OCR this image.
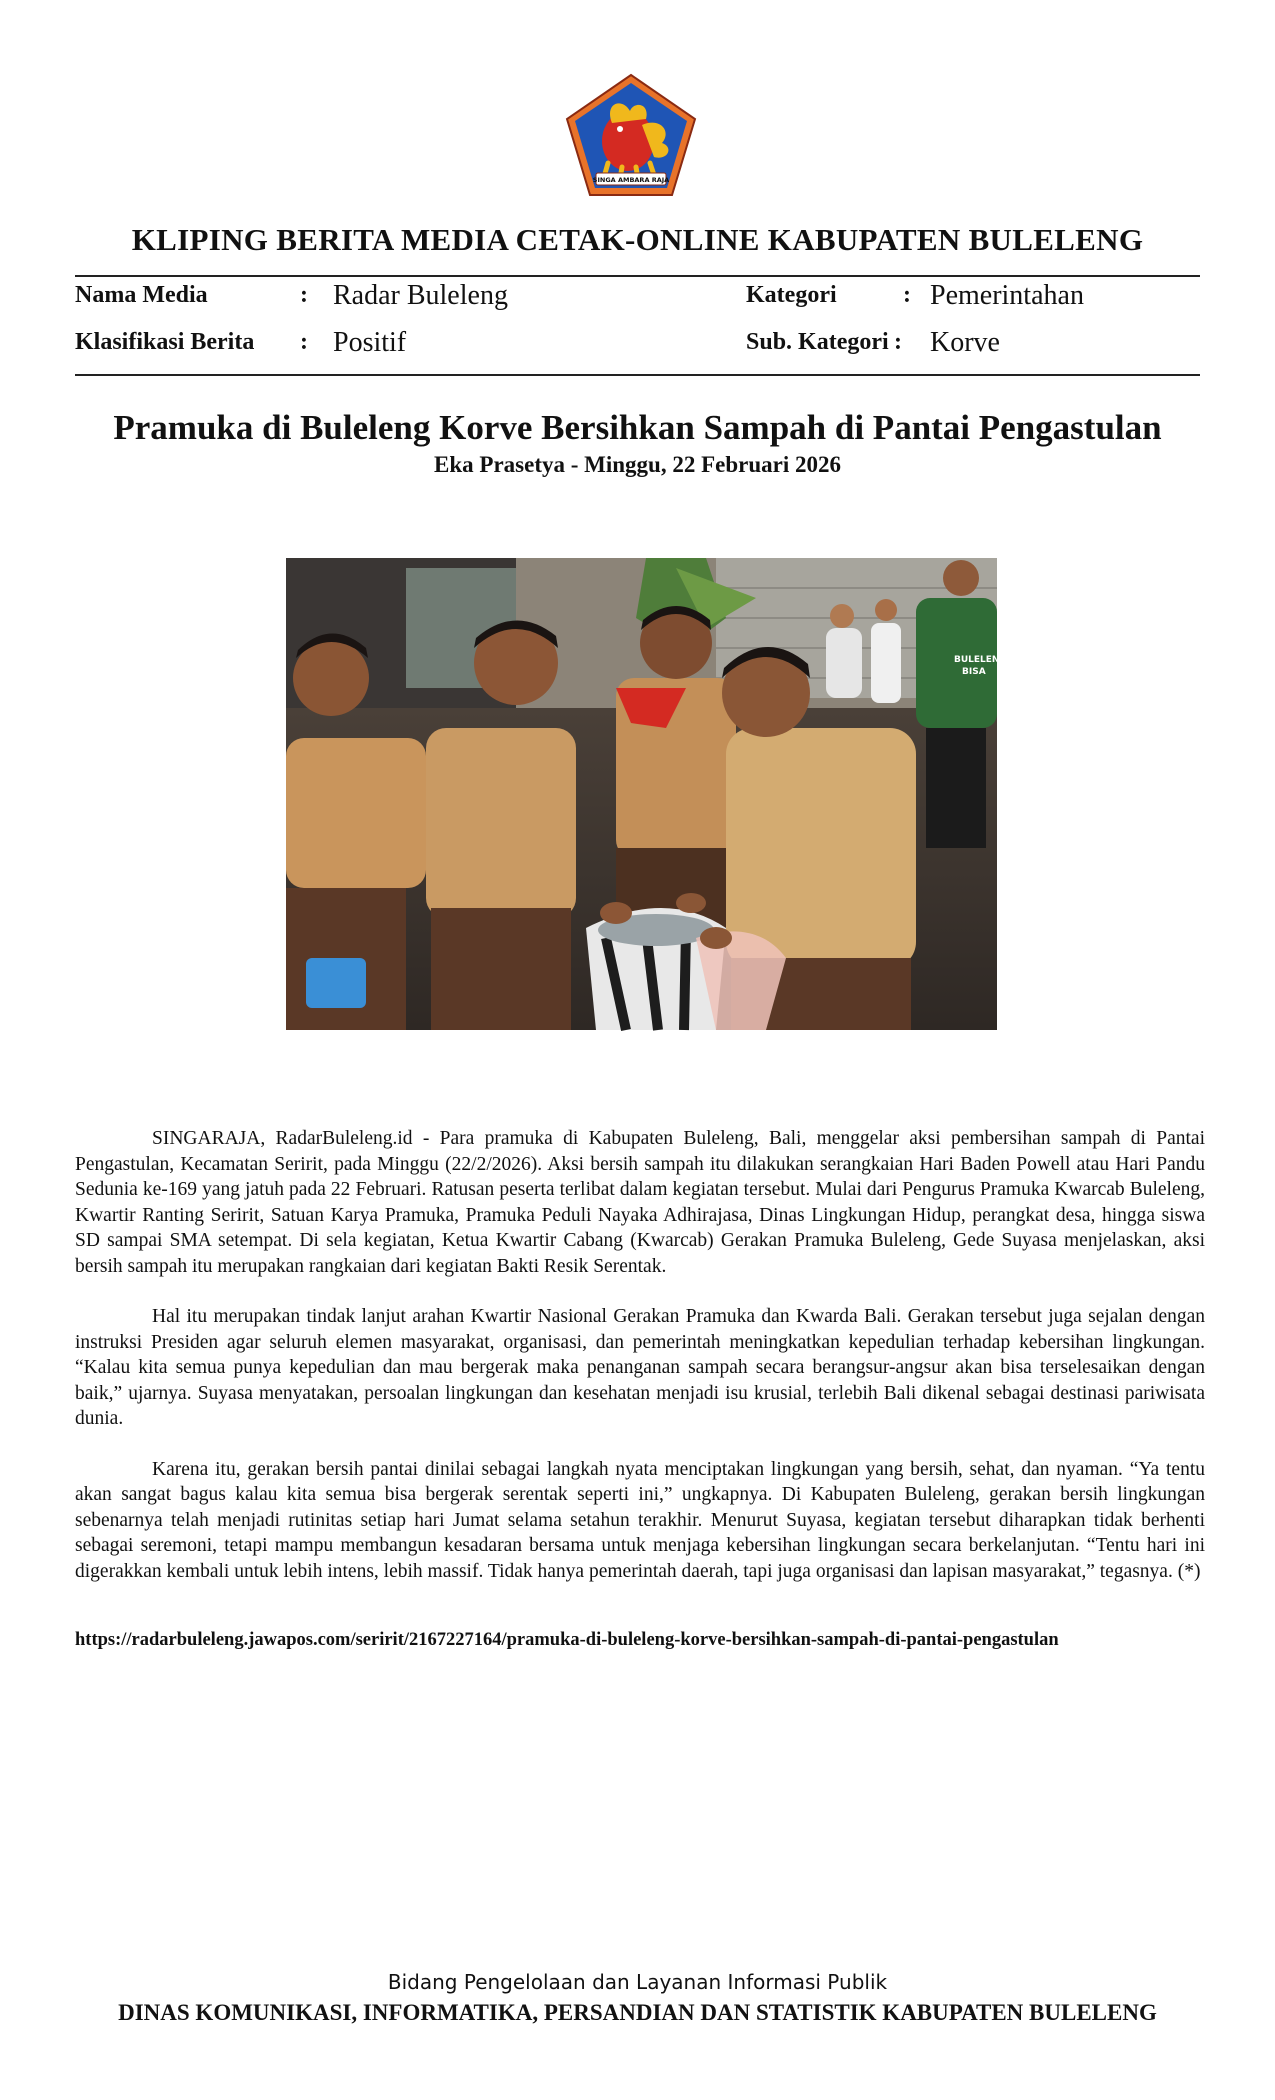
SINGA AMBARA RAJA
KLIPING BERITA MEDIA CETAK-ONLINE KABUPATEN BULELENG
Nama Media	: Radar Buleleng	Kategori	: Pemerintahan
Klasifikasi Berita : Positif	Sub. Kategori : Korve
Pramuka di Buleleng Korve Bersihkan Sampah di Pantai Pengastulan
Eka Prasetya - Minggu, 22 Februari 2026
BULELENG
BISA

SINGARAJA, RadarBuleleng.id - Para pramuka di Kabupaten Buleleng, Bali, menggelar aksi pembersihan sampah di Pantai Pengastulan, Kecamatan Seririt, pada Minggu (22/2/2026). Aksi bersih sampah itu dilakukan serangkaian Hari Baden Powell atau Hari Pandu Sedunia ke-169 yang jatuh pada 22 Februari. Ratusan peserta terlibat dalam kegiatan tersebut. Mulai dari Pengurus Pramuka Kwarcab Buleleng, Kwartir Ranting Seririt, Satuan Karya Pramuka, Pramuka Peduli Nayaka Adhirajasa, Dinas Lingkungan Hidup, perangkat desa, hingga siswa SD sampai SMA setempat. Di sela kegiatan, Ketua Kwartir Cabang (Kwarcab) Gerakan Pramuka Buleleng, Gede Suyasa menjelaskan, aksi bersih sampah itu merupakan rangkaian dari kegiatan Bakti Resik Serentak.

Hal itu merupakan tindak lanjut arahan Kwartir Nasional Gerakan Pramuka dan Kwarda Bali. Gerakan tersebut juga sejalan dengan instruksi Presiden agar seluruh elemen masyarakat, organisasi, dan pemerintah meningkatkan kepedulian terhadap kebersihan lingkungan. “Kalau kita semua punya kepedulian dan mau bergerak maka penanganan sampah secara berangsur-angsur akan bisa terselesaikan dengan baik,” ujarnya. Suyasa menyatakan, persoalan lingkungan dan kesehatan menjadi isu krusial, terlebih Bali dikenal sebagai destinasi pariwisata dunia.

Karena itu, gerakan bersih pantai dinilai sebagai langkah nyata menciptakan lingkungan yang bersih, sehat, dan nyaman. “Ya tentu akan sangat bagus kalau kita semua bisa bergerak serentak seperti ini,” ungkapnya. Di Kabupaten Buleleng, gerakan bersih lingkungan sebenarnya telah menjadi rutinitas setiap hari Jumat selama setahun terakhir. Menurut Suyasa, kegiatan tersebut diharapkan tidak berhenti sebagai seremoni, tetapi mampu membangun kesadaran bersama untuk menjaga kebersihan lingkungan secara berkelanjutan. “Tentu hari ini digerakkan kembali untuk lebih intens, lebih massif. Tidak hanya pemerintah daerah, tapi juga organisasi dan lapisan masyarakat,” tegasnya. (*)

https://radarbuleleng.jawapos.com/seririt/2167227164/pramuka-di-buleleng-korve-bersihkan-sampah-di-pantai-pengastulan
Bidang Pengelolaan dan Layanan Informasi Publik
DINAS KOMUNIKASI, INFORMATIKA, PERSANDIAN DAN STATISTIK KABUPATEN BULELENG
